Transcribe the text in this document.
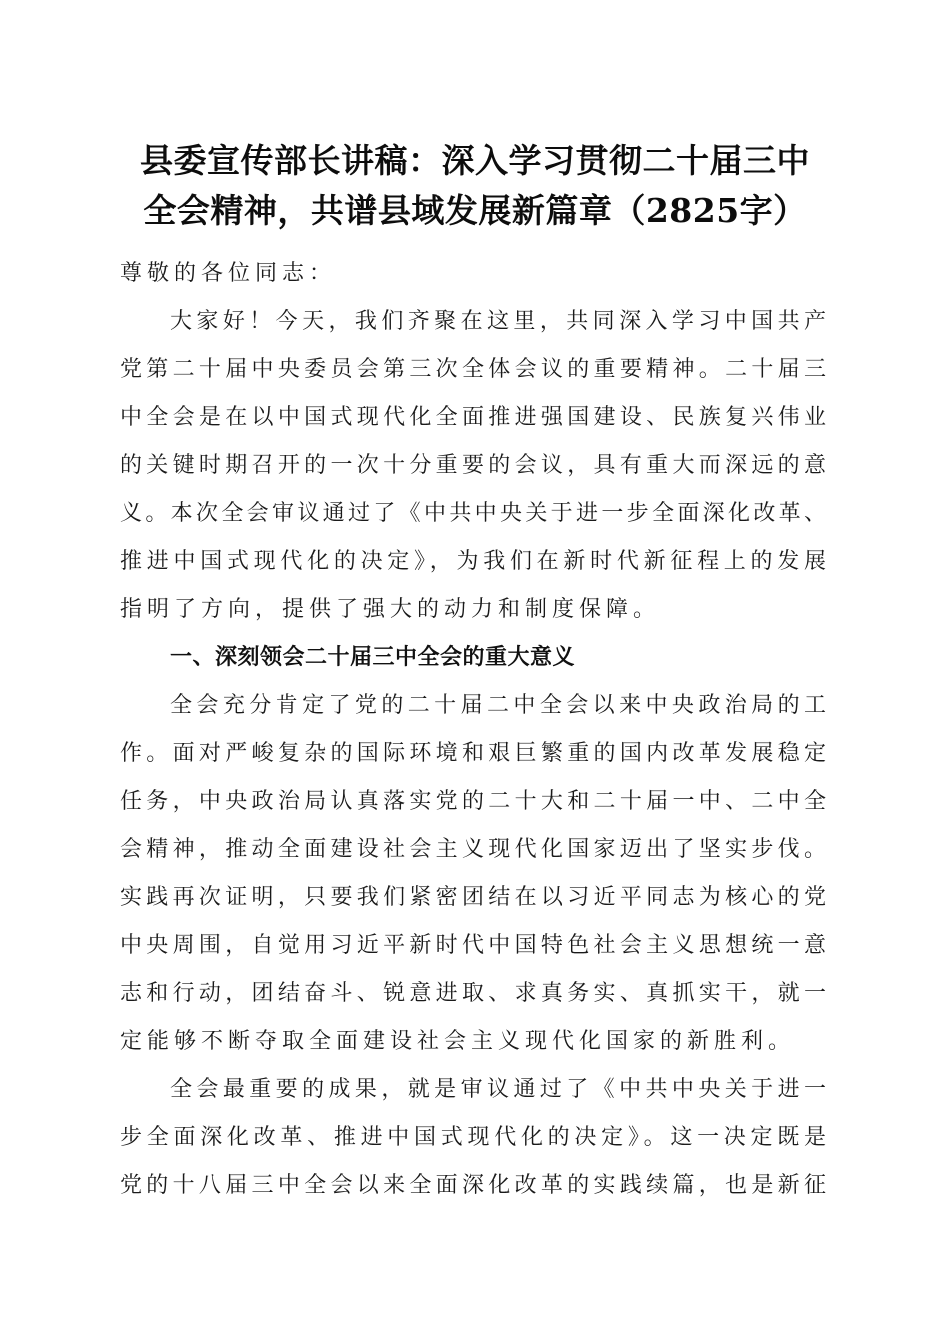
县委宣传部长讲稿：深入学习贯彻二十届三中
全会精神，共谱县域发展新篇章（2825字）
尊敬的各位同志：
大家好！今天，我们齐聚在这里，共同深入学习中国共产
党第二十届中央委员会第三次全体会议的重要精神。二十届三
中全会是在以中国式现代化全面推进强国建设、民族复兴伟业
的关键时期召开的一次十分重要的会议，具有重大而深远的意
义。本次全会审议通过了《中共中央关于进一步全面深化改革、
推进中国式现代化的决定》，为我们在新时代新征程上的发展
指明了方向，提供了强大的动力和制度保障。
一、深刻领会二十届三中全会的重大意义
全会充分肯定了党的二十届二中全会以来中央政治局的工
作。面对严峻复杂的国际环境和艰巨繁重的国内改革发展稳定
任务，中央政治局认真落实党的二十大和二十届一中、二中全
会精神，推动全面建设社会主义现代化国家迈出了坚实步伐。
实践再次证明，只要我们紧密团结在以习近平同志为核心的党
中央周围，自觉用习近平新时代中国特色社会主义思想统一意
志和行动，团结奋斗、锐意进取、求真务实、真抓实干，就一
定能够不断夺取全面建设社会主义现代化国家的新胜利。
全会最重要的成果，就是审议通过了《中共中央关于进一
步全面深化改革、推进中国式现代化的决定》。这一决定既是
党的十八届三中全会以来全面深化改革的实践续篇，也是新征
